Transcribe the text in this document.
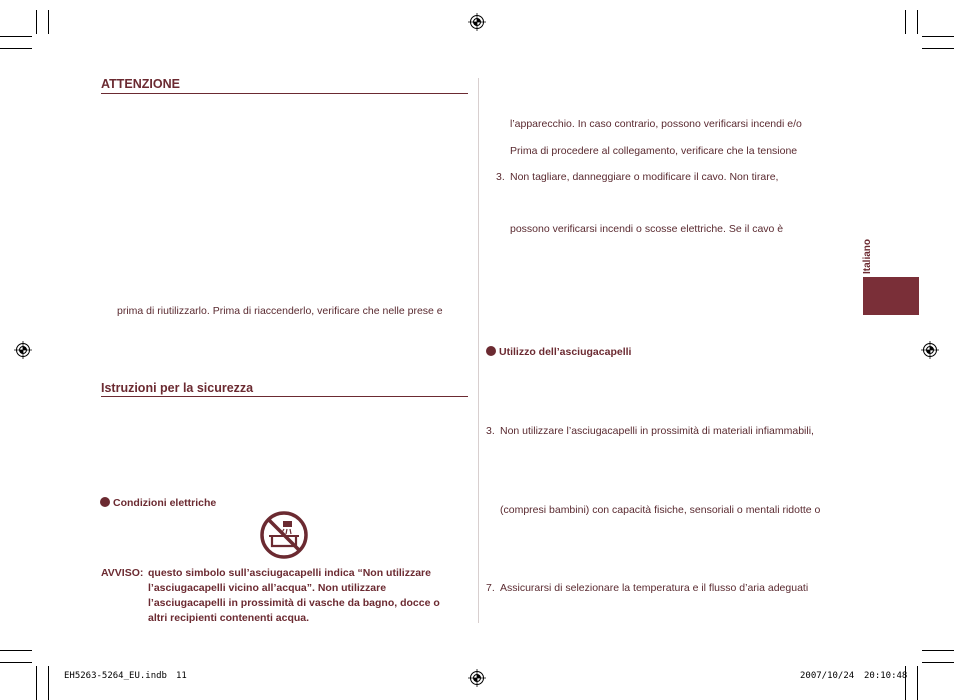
ATTENZIONE
prima di riutilizzarlo. Prima di riaccenderlo, verificare che nelle prese e
Istruzioni per la sicurezza
Condizioni elettriche
AVVISO: questo simbolo sull’asciugacapelli indica “Non utilizzare
l’asciugacapelli vicino all’acqua”. Non utilizzare
l’asciugacapelli in prossimità di vasche da bagno, docce o
altri recipienti contenenti acqua.
l’apparecchio. In caso contrario, possono verificarsi incendi e/o
Prima di procedere al collegamento, verificare che la tensione
3. Non tagliare, danneggiare o modificare il cavo. Non tirare,
possono verificarsi incendi o scosse elettriche. Se il cavo è
Utilizzo dell’asciugacapelli
3. Non utilizzare l’asciugacapelli in prossimità di materiali infiammabili,
(compresi bambini) con capacità fisiche, sensoriali o mentali ridotte o
7. Assicurarsi di selezionare la temperatura e il flusso d’aria adeguati
Italiano
EH5263-5264_EU.indb 11	2007/10/24 20:10:48
